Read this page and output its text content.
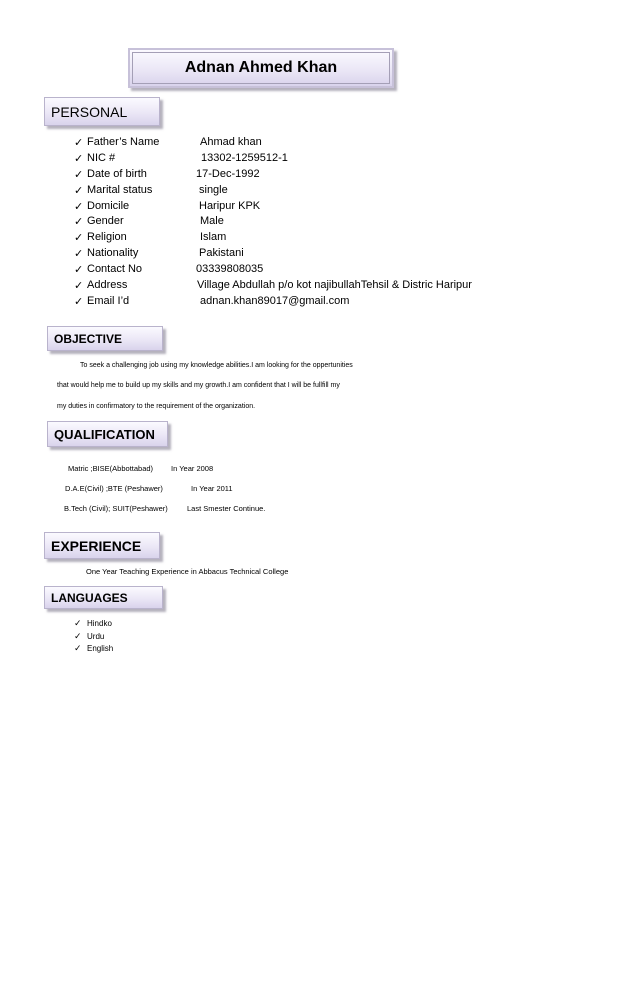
Adnan Ahmed Khan
PERSONAL
✓ Father’s Name	Ahmad khan
✓ NIC #	13302-1259512-1
✓ Date of birth	17-Dec-1992
✓ Marital status	single
✓ Domicile	Haripur KPK
✓ Gender	Male
✓ Religion	Islam
✓ Nationality	Pakistani
✓ Contact No	03339808035
✓ Address	Village Abdullah p/o kot najibullahTehsil & Distric Haripur
✓ Email I’d	adnan.khan89017@gmail.com
OBJECTIVE
To seek a challenging job using my knowledge abilities.I am looking for the oppertunities
that would help me to build up my skills and my growth.I am confident that I will be fullfill my
my duties in confirmatory to the requirement of the organization.
QUALIFICATION
Matric ;BISE(Abbottabad) In Year 2008
D.A.E(Civil) ;BTE (Peshawer)	In Year 2011
B.Tech (Civil); SUIT(Peshawer)	Last Smester Continue.
EXPERIENCE
One Year Teaching Experience in Abbacus Technical College
LANGUAGES
✓ Hindko
✓ Urdu
✓ English
